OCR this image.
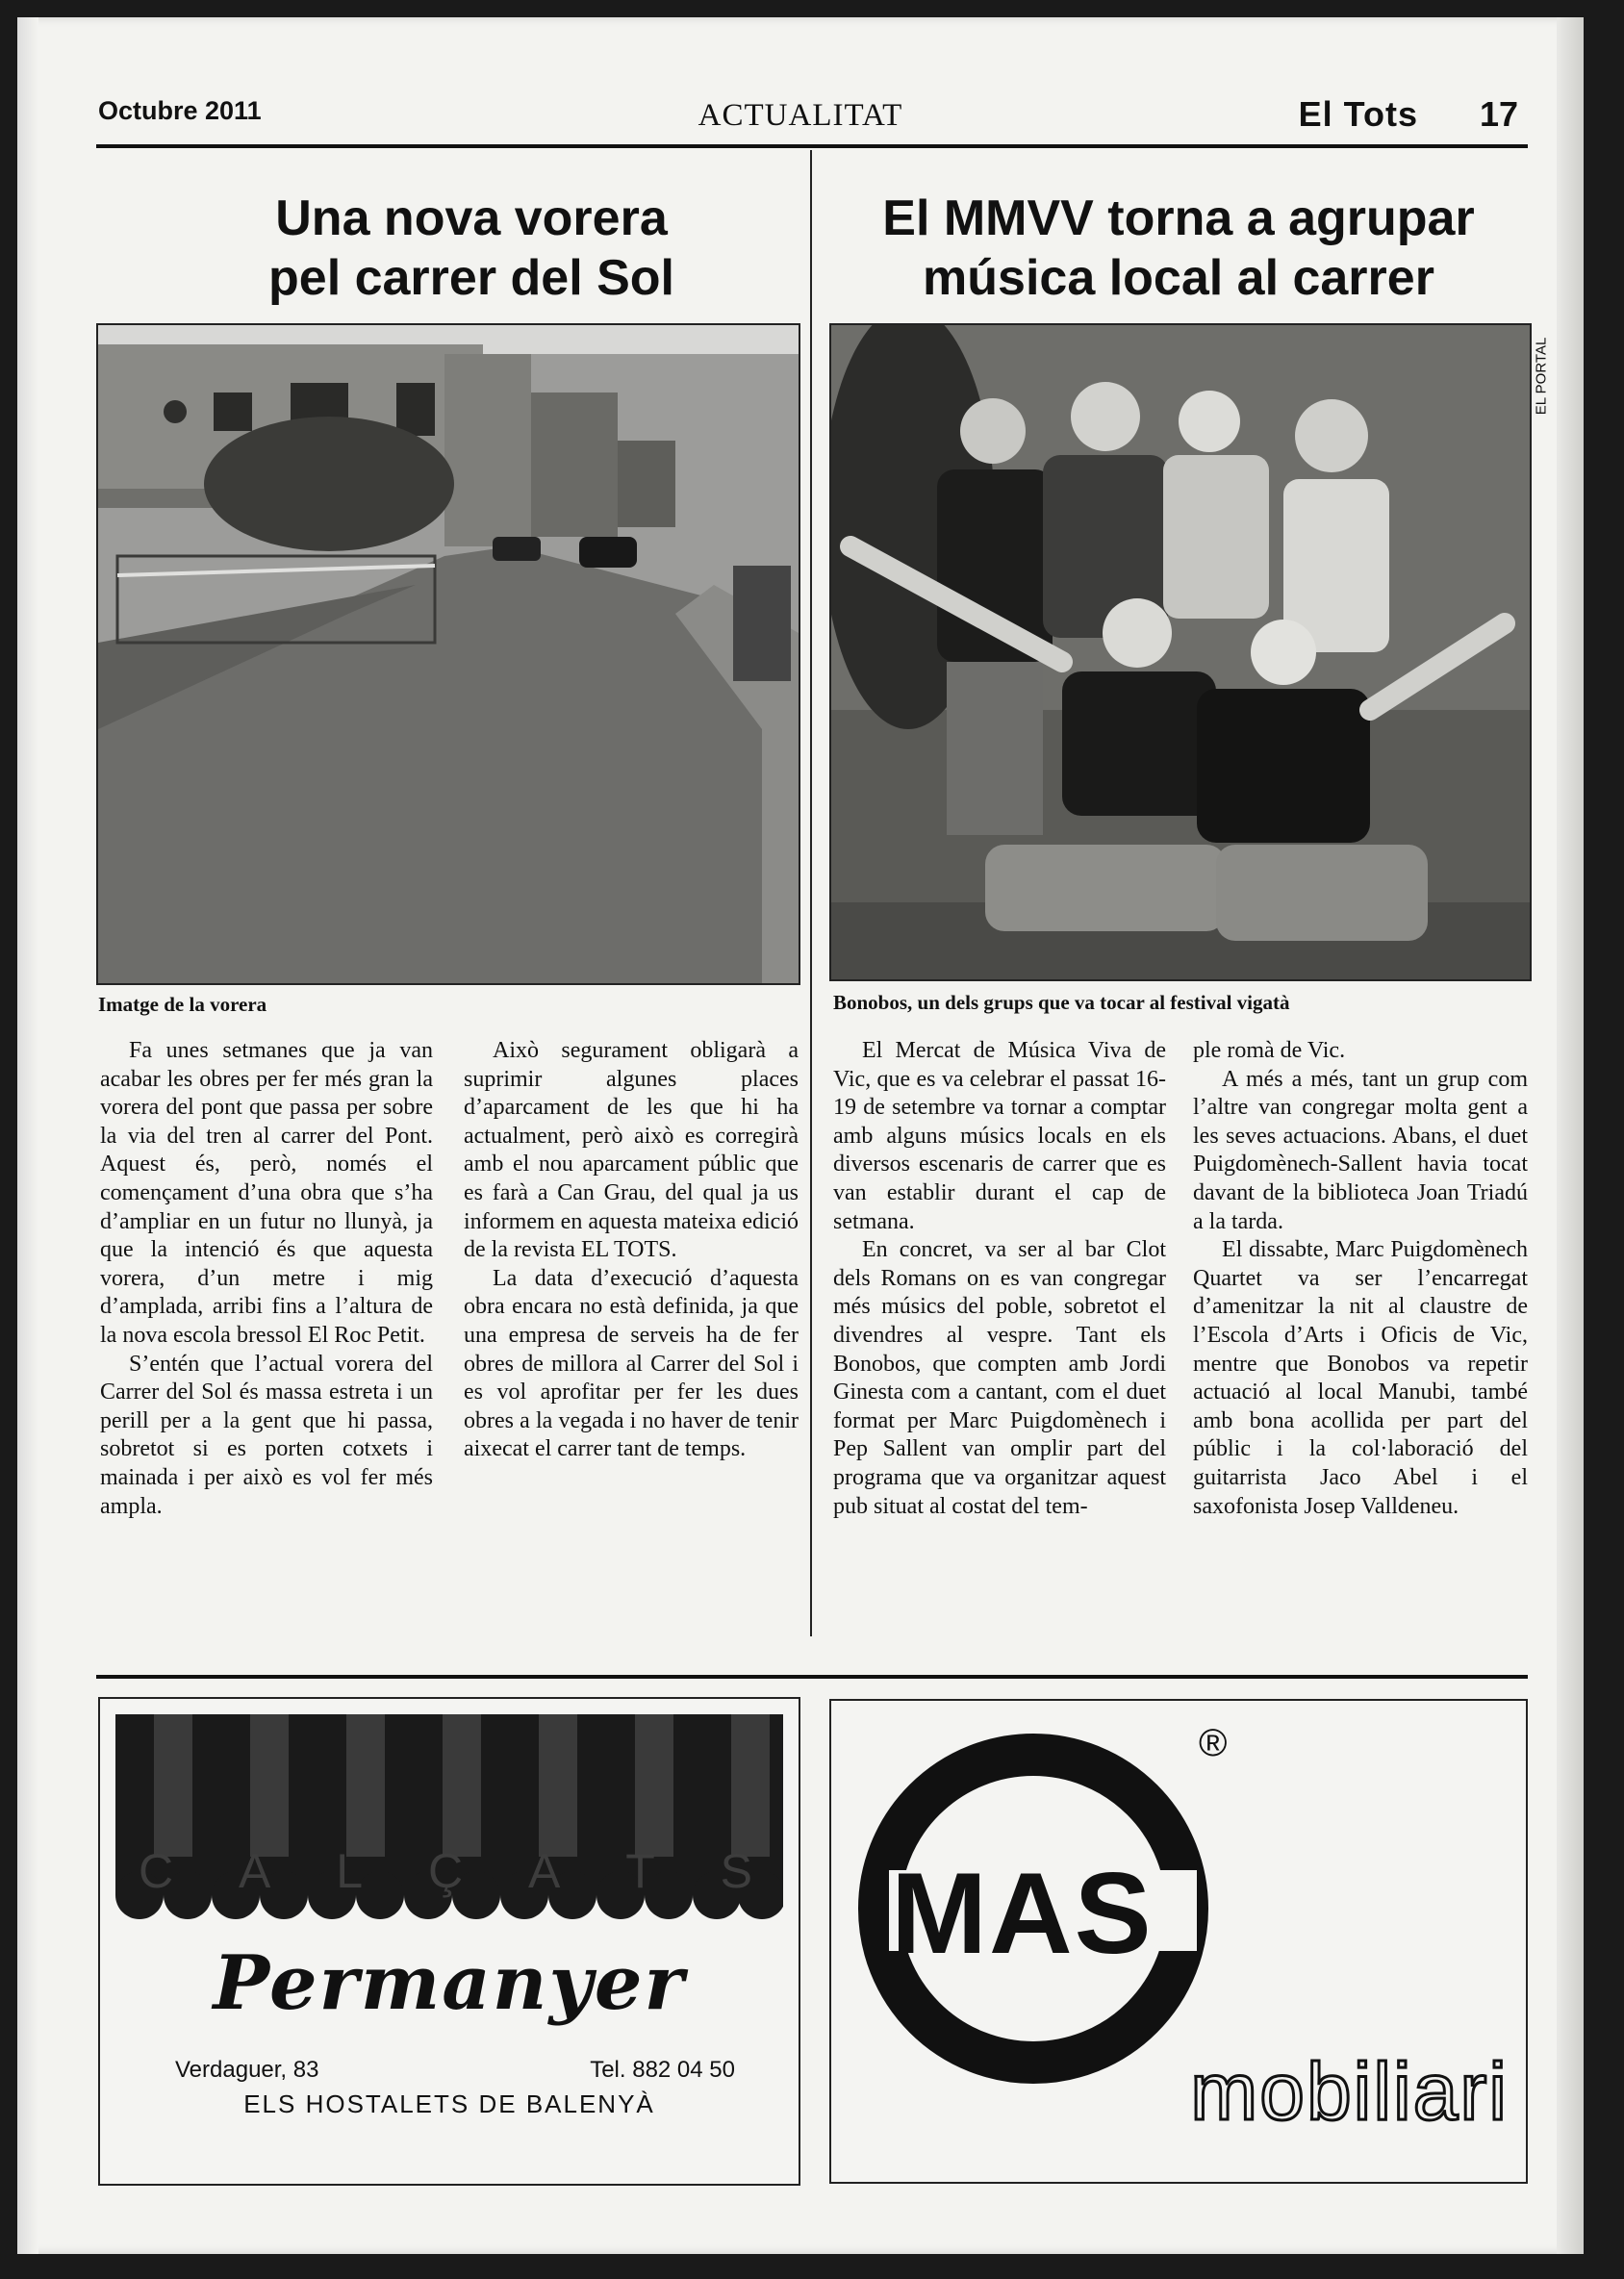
Octubre 2011	ACTUALITAT	El Tots 17
Una nova vorera
pel carrer del Sol
Imatge de la vorera

Fa unes setmanes que ja van acabar les obres per fer més gran la vorera del pont que passa per sobre la via del tren al carrer del Pont. Aquest és, però, només el començament d’una obra que s’ha d’ampliar en un futur no llunyà, ja que la intenció és que aquesta vorera, d’un metre i mig d’amplada, arribi fins a l’altura de la nova escola bressol El Roc Petit.

S’entén que l’actual vorera del Carrer del Sol és massa estreta i un perill per a la gent que hi passa, sobretot si es porten cotxets i mainada i per això es vol fer més ampla.

Això segurament obligarà a suprimir algunes places d’aparcament de les que hi ha actualment, però això es corregirà amb el nou aparcament públic que es farà a Can Grau, del qual ja us informem en aquesta mateixa edició de la revista EL TOTS.

La data d’execució d’aquesta obra encara no està definida, ja que una empresa de serveis ha de fer obres de millora al Carrer del Sol i es vol aprofitar per fer les dues obres a la vegada i no haver de tenir aixecat el carrer tant de temps.

El MMVV torna a agrupar
música local al carrer
EL PORTAL
Bonobos, un dels grups que va tocar al festival vigatà

El Mercat de Música Viva de Vic, que es va celebrar el passat 16-19 de setembre va tornar a comptar amb alguns músics locals en els diversos escenaris de carrer que es van establir durant el cap de setmana.

En concret, va ser al bar Clot dels Romans on es van congregar més músics del poble, sobretot el divendres al vespre. Tant els Bonobos, que compten amb Jordi Ginesta com a cantant, com el duet format per Marc Puigdomènech i Pep Sallent van omplir part del programa que va organitzar aquest pub situat al costat del tem-

ple romà de Vic.

A més a més, tant un grup com l’altre van congregar molta gent a les seves actuacions. Abans, el duet Puigdomènech-Sallent havia tocat davant de la biblioteca Joan Triadú a la tarda.

El dissabte, Marc Puigdomènech Quartet va ser l’encarregat d’amenitzar la nit al claustre de l’Escola d’Arts i Oficis de Vic, mentre que Bonobos va repetir actuació al local Manubi, també amb bona acollida per part del públic i la col·laboració del guitarrista Jaco Abel i el saxofonista Josep Valldeneu.

C A L Ç A T S
Permanyer
Verdaguer, 83	Tel. 882 04 50
ELS HOSTALETS DE BALENYÀ
MAS
®
mobiliari
